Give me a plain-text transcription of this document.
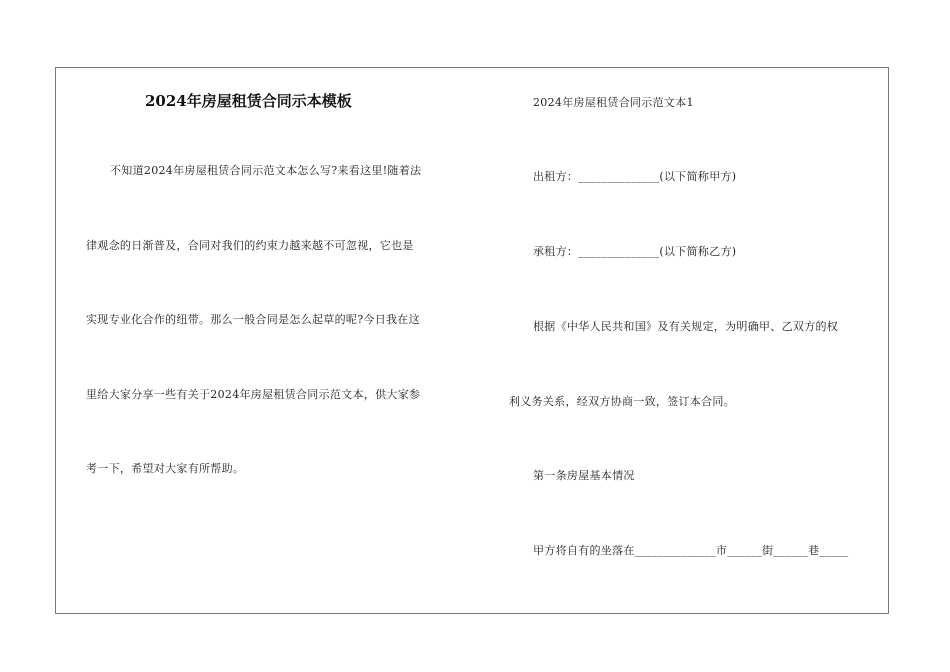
2024年房屋租赁合同示本模板
不知道2024年房屋租赁合同示范文本怎么写?来看这里!随着法
律观念的日渐普及，合同对我们的约束力越来越不可忽视，它也是
实现专业化合作的纽带。那么一般合同是怎么起草的呢?今日我在这
里给大家分享一些有关于2024年房屋租赁合同示范文本，供大家参
考一下，希望对大家有所帮助。
2024年房屋租赁合同示范文本1
出租方：______________(以下简称甲方)
承租方：______________(以下简称乙方)
根据《中华人民共和国》及有关规定，为明确甲、乙双方的权
利义务关系，经双方协商一致，签订本合同。
第一条房屋基本情况
甲方将自有的坐落在______________市______街______巷_____
